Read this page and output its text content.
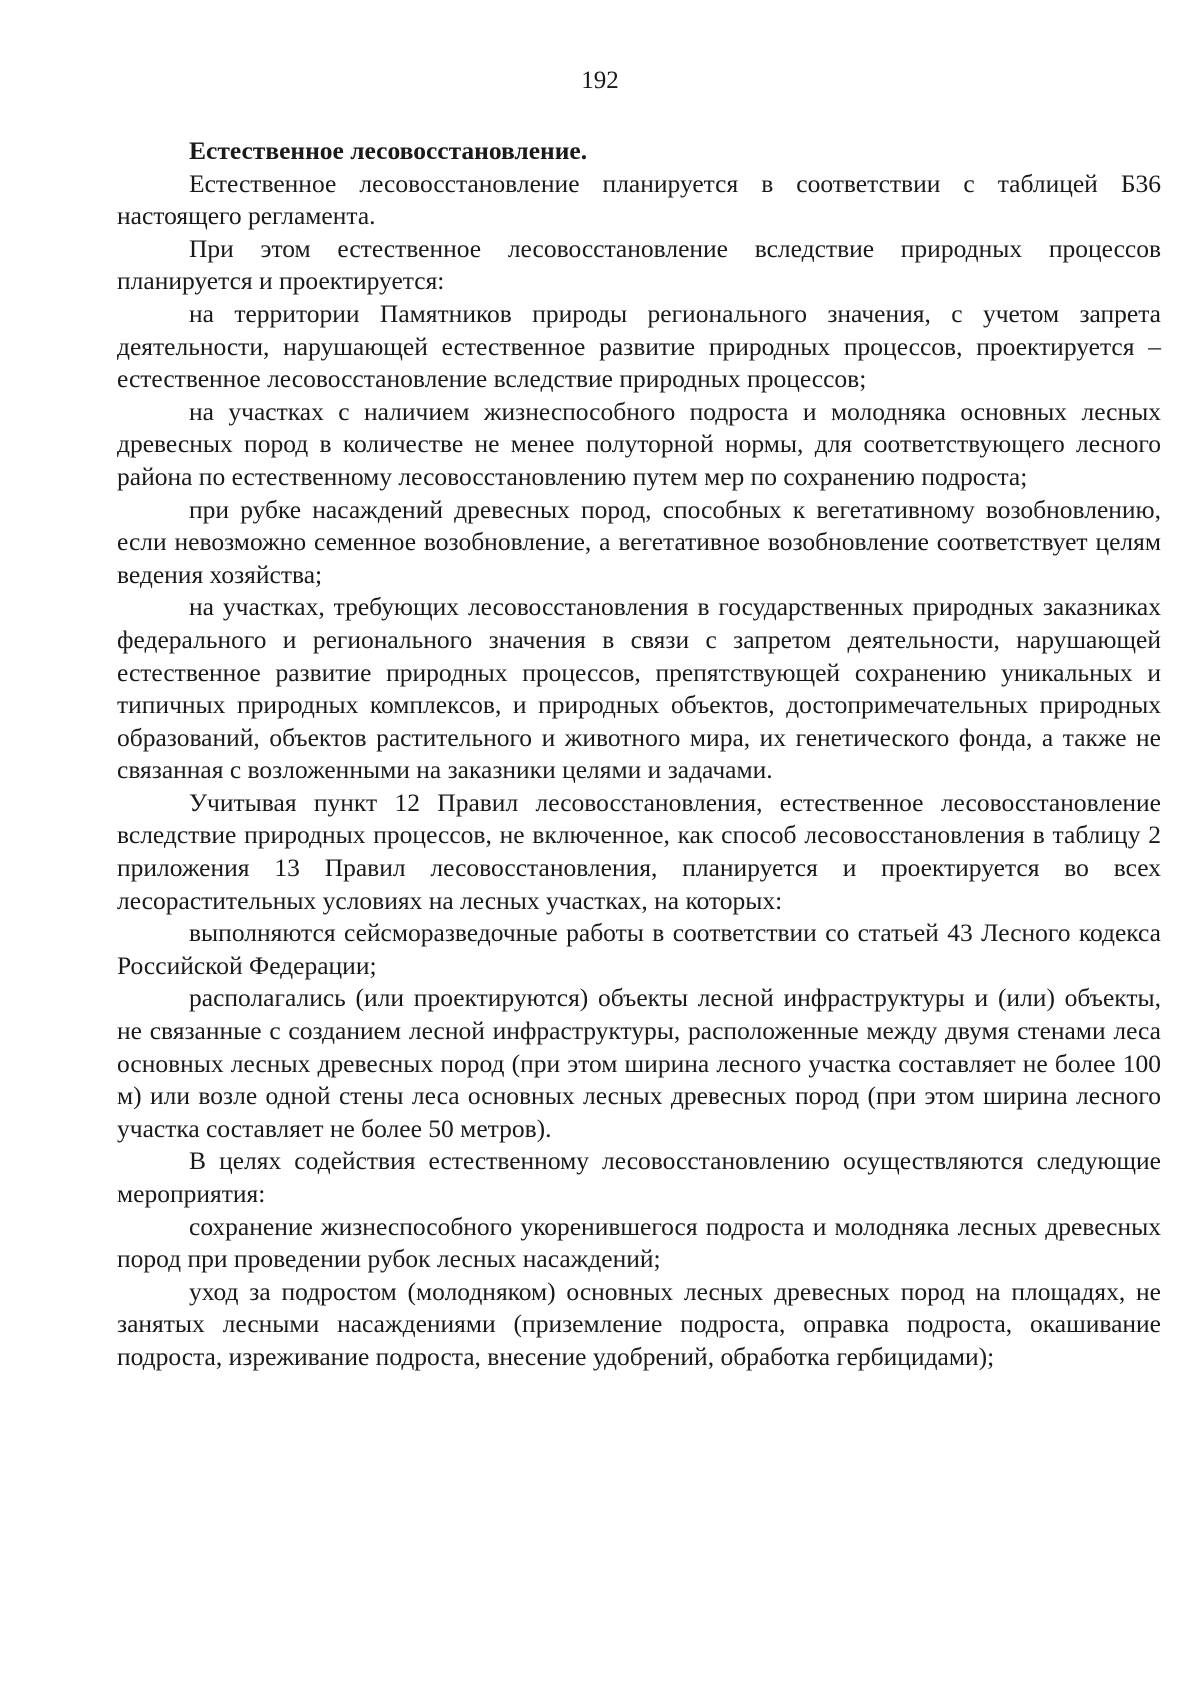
192

Естественное лесовосстановление.

Естественное лесовосстановление планируется в соответствии с таблицей Б36 настоящего регламента.

При этом естественное лесовосстановление вследствие природных процессов планируется и проектируется:

на территории Памятников природы регионального значения, с учетом запрета деятельности, нарушающей естественное развитие природных процессов, проектируется – естественное лесовосстановление вследствие природных процессов;

на участках с наличием жизнеспособного подроста и молодняка основных лесных древесных пород в количестве не менее полуторной нормы, для соответствующего лесного района по естественному лесовосстановлению путем мер по сохранению подроста;

при рубке насаждений древесных пород, способных к вегетативному возобновлению, если невозможно семенное возобновление, а вегетативное возобновление соответствует целям ведения хозяйства;

на участках, требующих лесовосстановления в государственных природных заказниках федерального и регионального значения в связи с запретом деятельности, нарушающей естественное развитие природных процессов, препятствующей сохранению уникальных и типичных природных комплексов, и природных объектов, достопримечательных природных образований, объектов растительного и животного мира, их генетического фонда, а также не связанная с возложенными на заказники целями и задачами.

Учитывая пункт 12 Правил лесовосстановления, естественное лесовосстановление вследствие природных процессов, не включенное, как способ лесовосстановления в таблицу 2 приложения 13 Правил лесовосстановления, планируется и проектируется во всех лесорастительных условиях на лесных участках, на которых:

выполняются сейсморазведочные работы в соответствии со статьей 43 Лесного кодекса Российской Федерации;

располагались (или проектируются) объекты лесной инфраструктуры и (или) объекты, не связанные с созданием лесной инфраструктуры, расположенные между двумя стенами леса основных лесных древесных пород (при этом ширина лесного участка составляет не более 100 м) или возле одной стены леса основных лесных древесных пород (при этом ширина лесного участка составляет не более 50 метров).

В целях содействия естественному лесовосстановлению осуществляются следующие мероприятия:

сохранение жизнеспособного укоренившегося подроста и молодняка лесных древесных пород при проведении рубок лесных насаждений;

уход за подростом (молодняком) основных лесных древесных пород на площадях, не занятых лесными насаждениями (приземление подроста, оправка подроста, окашивание подроста, изреживание подроста, внесение удобрений, обработка гербицидами);
